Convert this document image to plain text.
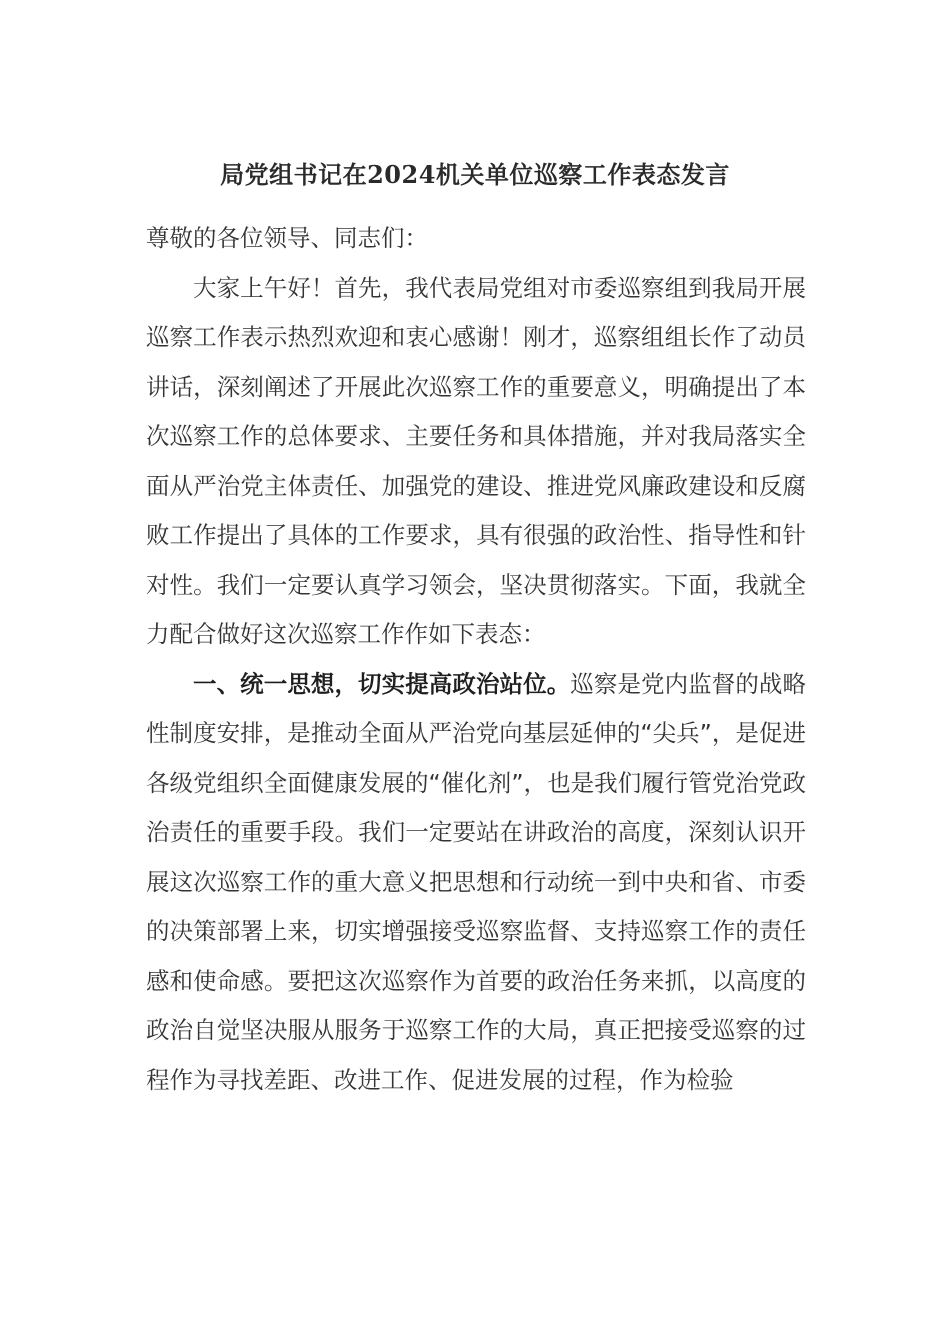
局党组书记在2024机关单位巡察工作表态发言

尊敬的各位领导、同志们：

大家上午好！首先，我代表局党组对市委巡察组到我局开展巡察工作表示热烈欢迎和衷心感谢！刚才，巡察组组长作了动员讲话，深刻阐述了开展此次巡察工作的重要意义，明确提出了本次巡察工作的总体要求、主要任务和具体措施，并对我局落实全面从严治党主体责任、加强党的建设、推进党风廉政建设和反腐败工作提出了具体的工作要求，具有很强的政治性、指导性和针对性。我们一定要认真学习领会，坚决贯彻落实。下面，我就全力配合做好这次巡察工作作如下表态：

一、统一思想，切实提高政治站位。巡察是党内监督的战略性制度安排，是推动全面从严治党向基层延伸的“尖兵”，是促进各级党组织全面健康发展的“催化剂”，也是我们履行管党治党政治责任的重要手段。我们一定要站在讲政治的高度，深刻认识开展这次巡察工作的重大意义把思想和行动统一到中央和省、市委的决策部署上来，切实增强接受巡察监督、支持巡察工作的责任感和使命感。要把这次巡察作为首要的政治任务来抓，以高度的政治自觉坚决服从服务于巡察工作的大局，真正把接受巡察的过程作为寻找差距、改进工作、促进发展的过程，作为检验
